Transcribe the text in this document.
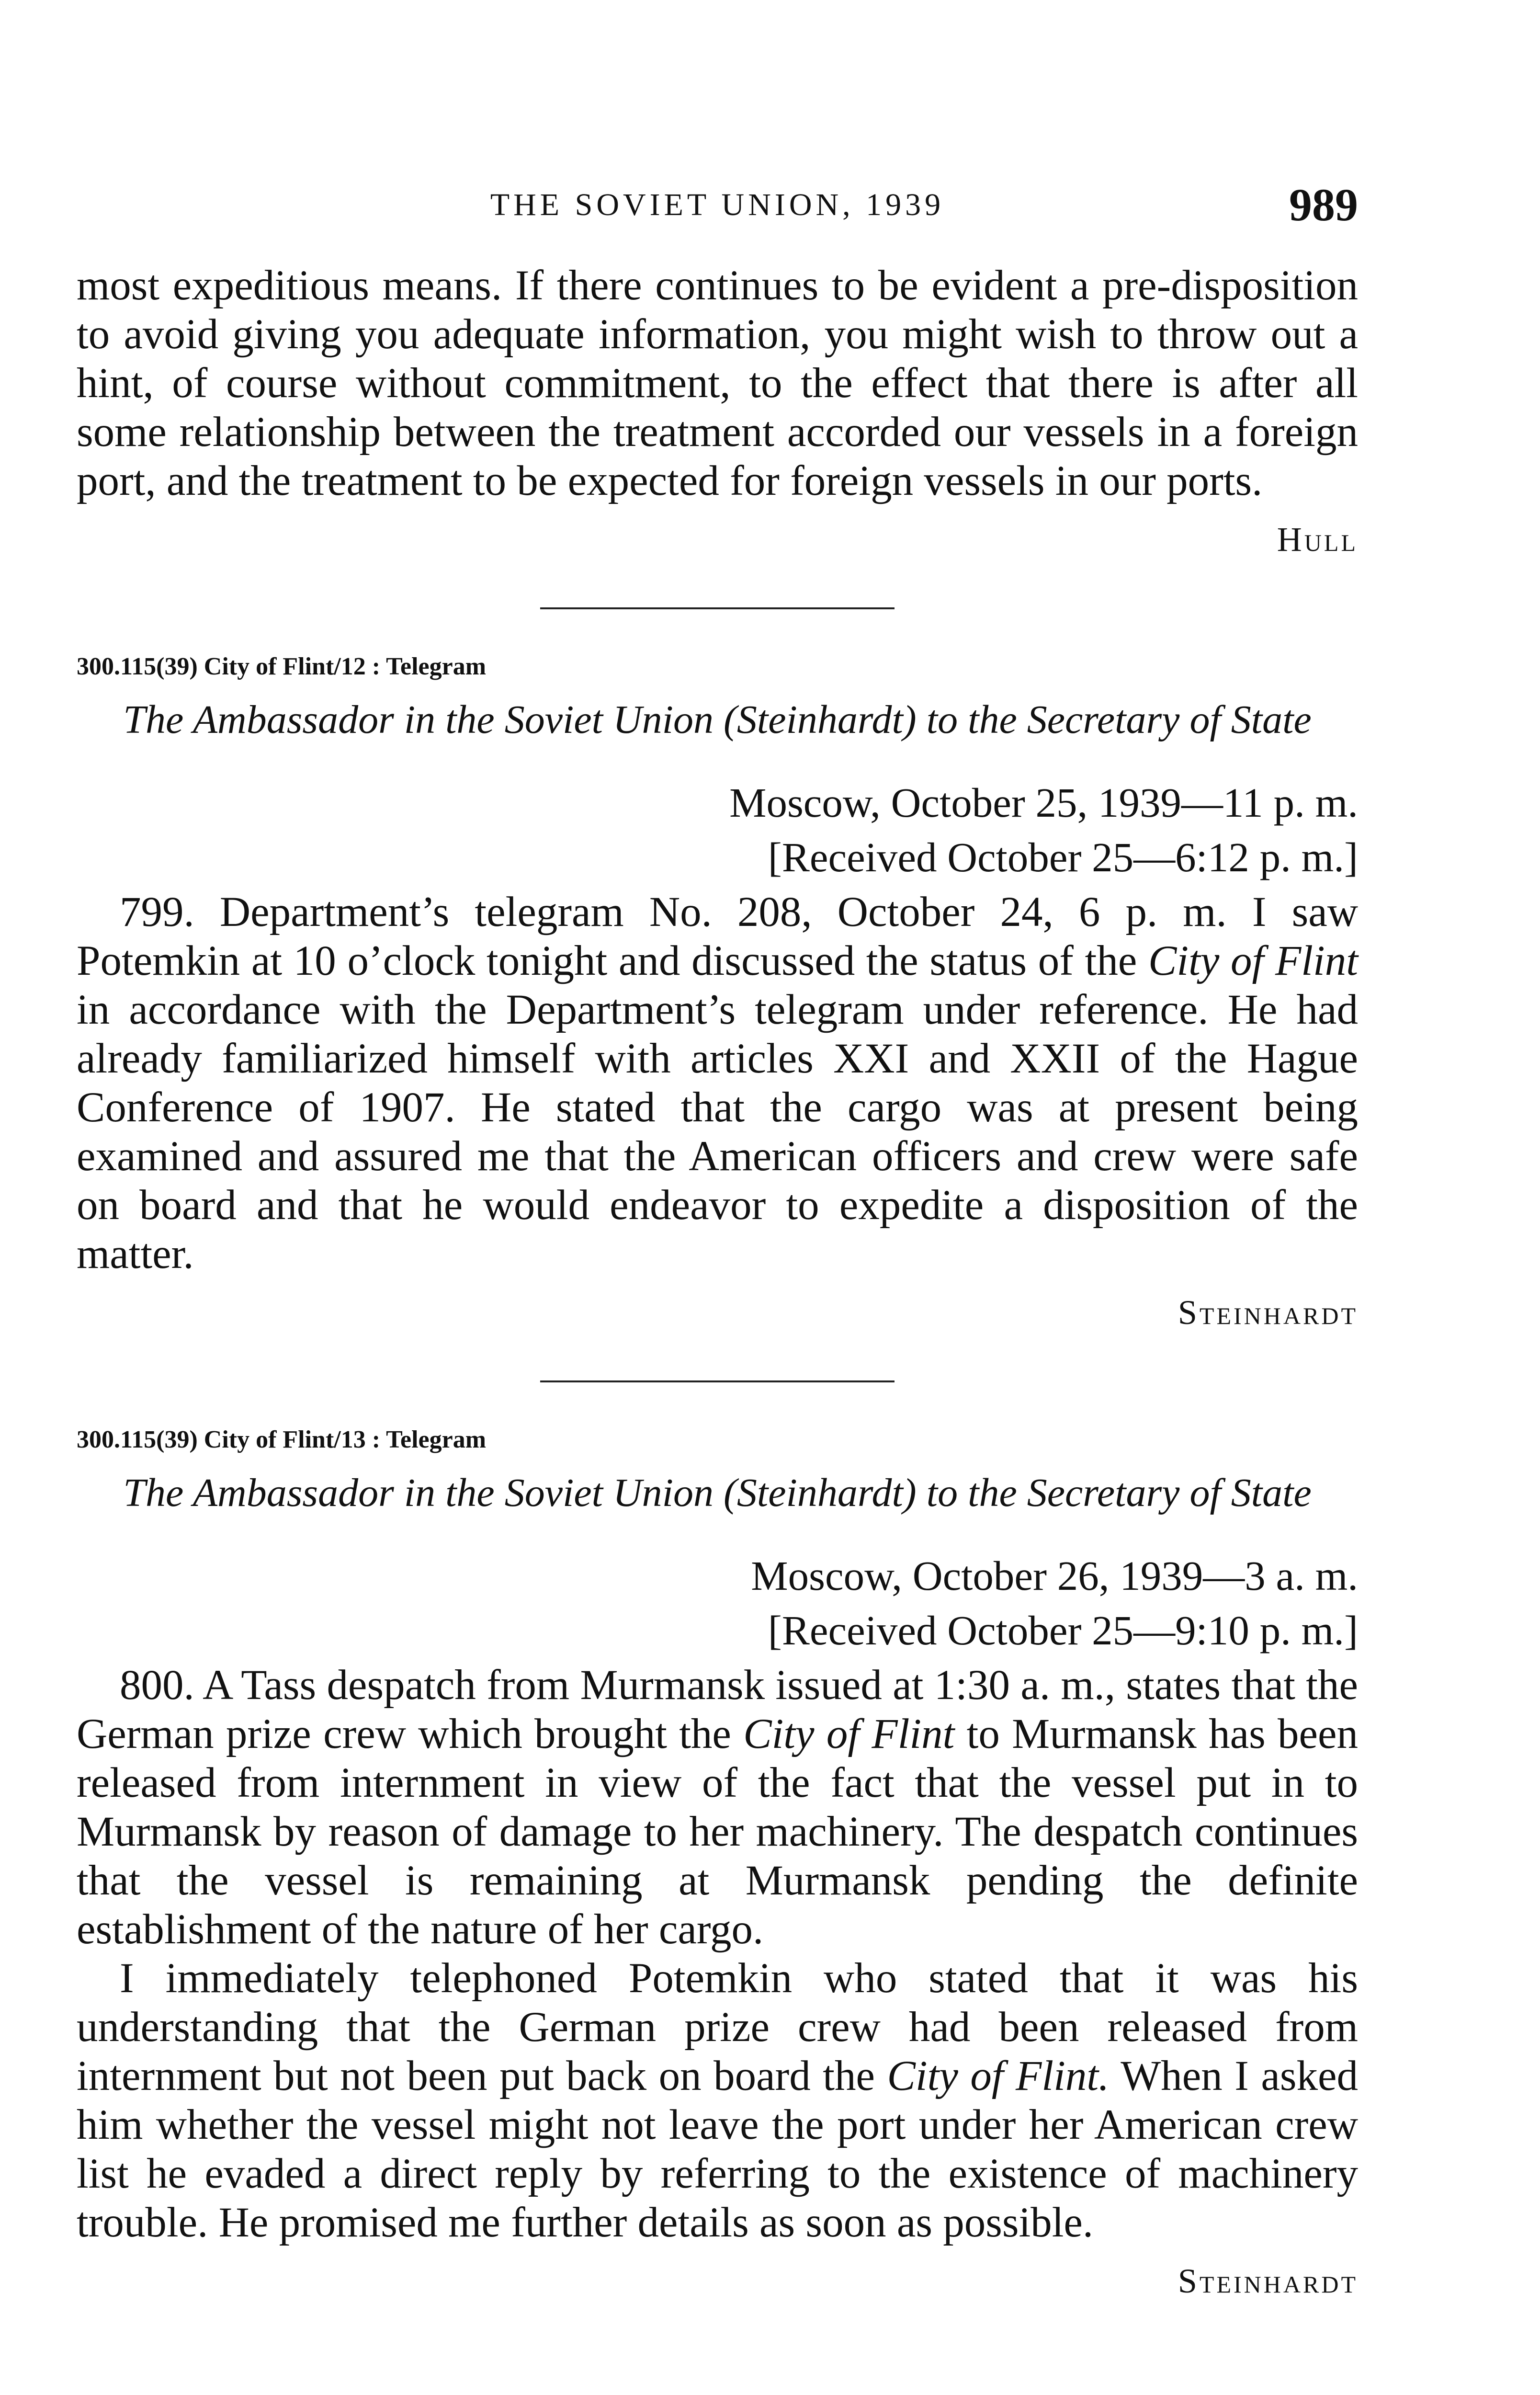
THE SOVIET UNION, 1939	989

most expeditious means. If there continues to be evident a pre-disposition to avoid giving you adequate information, you might wish to throw out a hint, of course without commitment, to the effect that there is after all some relationship between the treatment accorded our vessels in a foreign port, and the treatment to be expected for foreign vessels in our ports.

Hull
300.115(39) City of Flint/12 : Telegram
The Ambassador in the Soviet Union (Steinhardt) to the Secretary of State
Moscow, October 25, 1939—11 p. m.
[Received October 25—6:12 p. m.]

799. Department’s telegram No. 208, October 24, 6 p. m. I saw Potemkin at 10 o’clock tonight and discussed the status of the City of Flint in accordance with the Department’s telegram under reference. He had already familiarized himself with articles XXI and XXII of the Hague Conference of 1907. He stated that the cargo was at present being examined and assured me that the American officers and crew were safe on board and that he would endeavor to expedite a disposition of the matter.

Steinhardt
300.115(39) City of Flint/13 : Telegram
The Ambassador in the Soviet Union (Steinhardt) to the Secretary of State
Moscow, October 26, 1939—3 a. m.
[Received October 25—9:10 p. m.]

800. A Tass despatch from Murmansk issued at 1:30 a. m., states that the German prize crew which brought the City of Flint to Murmansk has been released from internment in view of the fact that the vessel put in to Murmansk by reason of damage to her machinery. The despatch continues that the vessel is remaining at Murmansk pending the definite establishment of the nature of her cargo.

I immediately telephoned Potemkin who stated that it was his understanding that the German prize crew had been released from internment but not been put back on board the City of Flint. When I asked him whether the vessel might not leave the port under her American crew list he evaded a direct reply by referring to the existence of machinery trouble. He promised me further details as soon as possible.

Steinhardt
